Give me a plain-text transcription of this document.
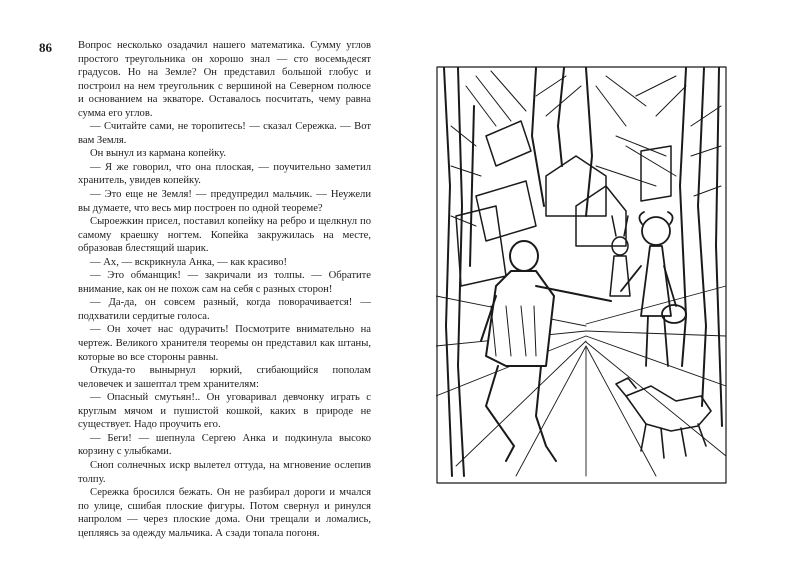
86 Вопрос несколько озадачил нашего математика. Сумму углов простого треугольника он хорошо знал — сто восемьдесят градусов. Но на Земле? Он представил большой глобус и построил на нем треугольник с вершиной на Северном полюсе и основанием на экваторе. Оставалось посчитать, чему равна сумма его углов.

— Считайте сами, не торопитесь! — сказал Сережка. — Вот вам Земля.

Он вынул из кармана копейку.

— Я же говорил, что она плоская, — поучительно заметил хранитель, увидев копейку.

— Это еще не Земля! — предупредил мальчик. — Неужели вы думаете, что весь мир построен по одной теореме?

Сыроежкин присел, поставил копейку на ребро и щелкнул по самому краешку ногтем. Копейка закружилась на месте, образовав блестящий шарик.

— Ах, — вскрикнула Анка, — как красиво!

— Это обманщик! — закричали из толпы. — Обратите внимание, как он не похож сам на себя с разных сторон!

— Да-да, он совсем разный, когда поворачивается! — подхватили сердитые голоса.

— Он хочет нас одурачить! Посмотрите внимательно на чертеж. Великого хранителя теоремы он представил как штаны, которые во все стороны равны.

Откуда-то вынырнул юркий, сгибающийся пополам человечек и зашептал трем хранителям:

— Опасный смутьян!.. Он уговаривал девчонку играть с круглым мячом и пушистой кошкой, каких в природе не существует. Надо проучить его.

— Беги! — шепнула Сергею Анка и подкинула высоко корзину с улыбками.

Сноп солнечных искр вылетел оттуда, на мгновение ослепив толпу.

Сережка бросился бежать. Он не разбирал дороги и мчался по улице, сшибая плоские фигуры. Потом свернул и ринулся напролом — через плоские дома. Они трещали и ломались, цепляясь за одежду мальчика. А сзади топала погоня.
